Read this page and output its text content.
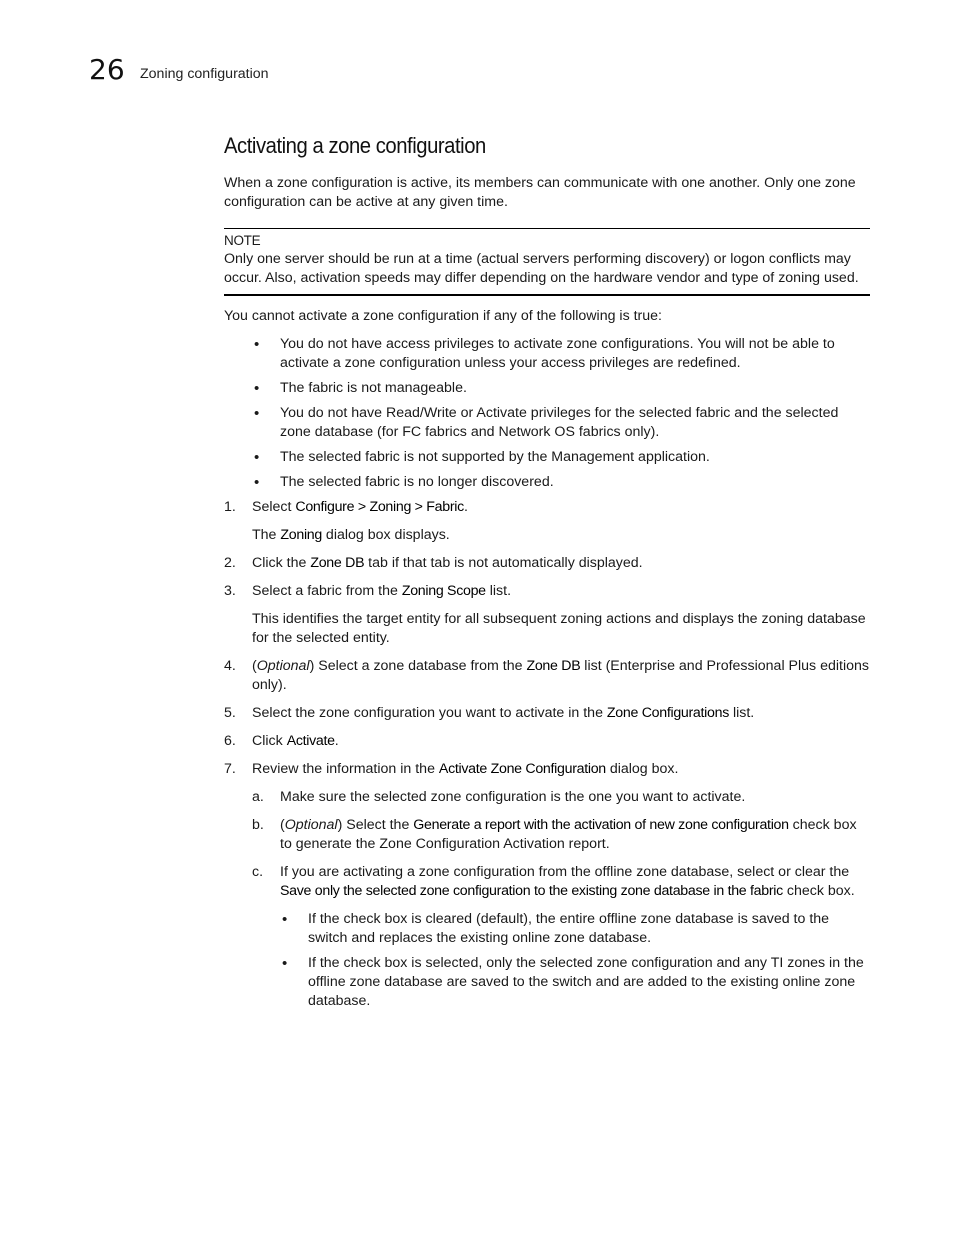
26 Zoning configuration
Activating a zone configuration

When a zone configuration is active, its members can communicate with one another. Only one zone configuration can be active at any given time.

NOTE
Only one server should be run at a time (actual servers performing discovery) or logon conflicts may occur. Also, activation speeds may differ depending on the hardware vendor and type of zoning used.

You cannot activate a zone configuration if any of the following is true:

• You do not have access privileges to activate zone configurations. You will not be able to activate a zone configuration unless your access privileges are redefined.
• The fabric is not manageable.
• You do not have Read/Write or Activate privileges for the selected fabric and the selected zone database (for FC fabrics and Network OS fabrics only).
• The selected fabric is not supported by the Management application.
• The selected fabric is no longer discovered.
1. Select Configure > Zoning > Fabric.
The Zoning dialog box displays.
2. Click the Zone DB tab if that tab is not automatically displayed.
3. Select a fabric from the Zoning Scope list.
This identifies the target entity for all subsequent zoning actions and displays the zoning database for the selected entity.
4. (Optional) Select a zone database from the Zone DB list (Enterprise and Professional Plus editions only).
5. Select the zone configuration you want to activate in the Zone Configurations list.
6. Click Activate.
7. Review the information in the Activate Zone Configuration dialog box.
a. Make sure the selected zone configuration is the one you want to activate.
b. (Optional) Select the Generate a report with the activation of new zone configuration check box to generate the Zone Configuration Activation report.
c. If you are activating a zone configuration from the offline zone database, select or clear the Save only the selected zone configuration to the existing zone database in the fabric check box.
• If the check box is cleared (default), the entire offline zone database is saved to the switch and replaces the existing online zone database.
• If the check box is selected, only the selected zone configuration and any TI zones in the offline zone database are saved to the switch and are added to the existing online zone database.
